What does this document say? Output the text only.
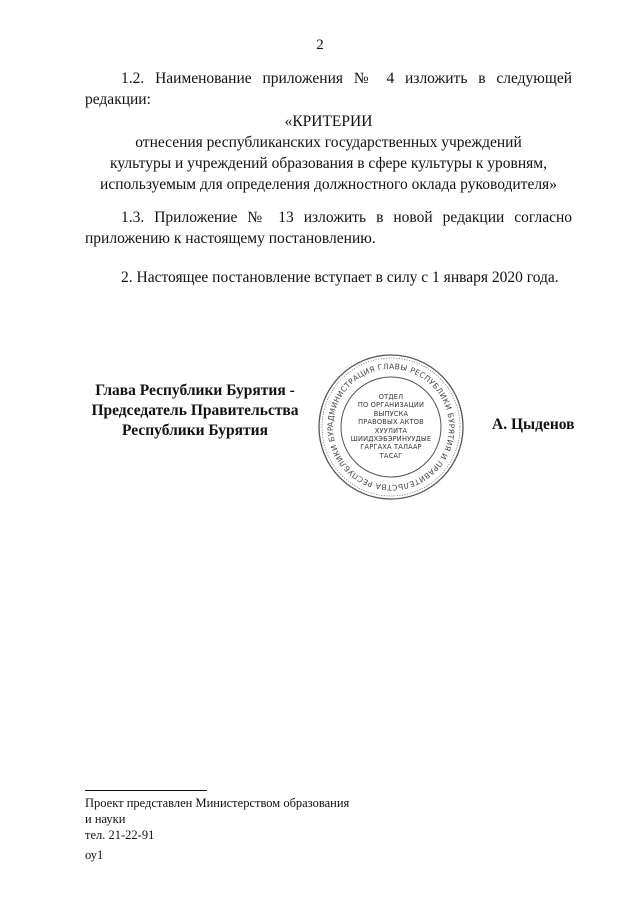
2
1.2. Наименование приложения № 4 изложить в следующей редакции:
«КРИТЕРИИ
отнесения республиканских государственных учреждений
культуры и учреждений образования в сфере культуры к уровням,
используемым для определения должностного оклада руководителя»
1.3. Приложение № 13 изложить в новой редакции согласно приложению к настоящему постановлению.
2. Настоящее постановление вступает в силу с 1 января 2020 года.
Глава Республики Бурятия -
Председатель Правительства
Республики Бурятия	АДМИНИСТРАЦИЯ ГЛАВЫ РЕСПУБЛИКИ БУРЯТИЯ И ПРАВИТЕЛЬСТВА РЕСПУБЛИКИ БУР
ОТДЕЛ
ПО ОРГАНИЗАЦИИ
ВЫПУСКА
ПРАВОВЫХ АКТОВ
ХУУЛИТА
ШИИДХЭБЭРИНУУДЫЕ
ГАРГАХА ТАЛААР
ТАСАГ
А. Цыденов
Проект представлен Министерством образования
и науки
тел. 21-22-91
оу1
